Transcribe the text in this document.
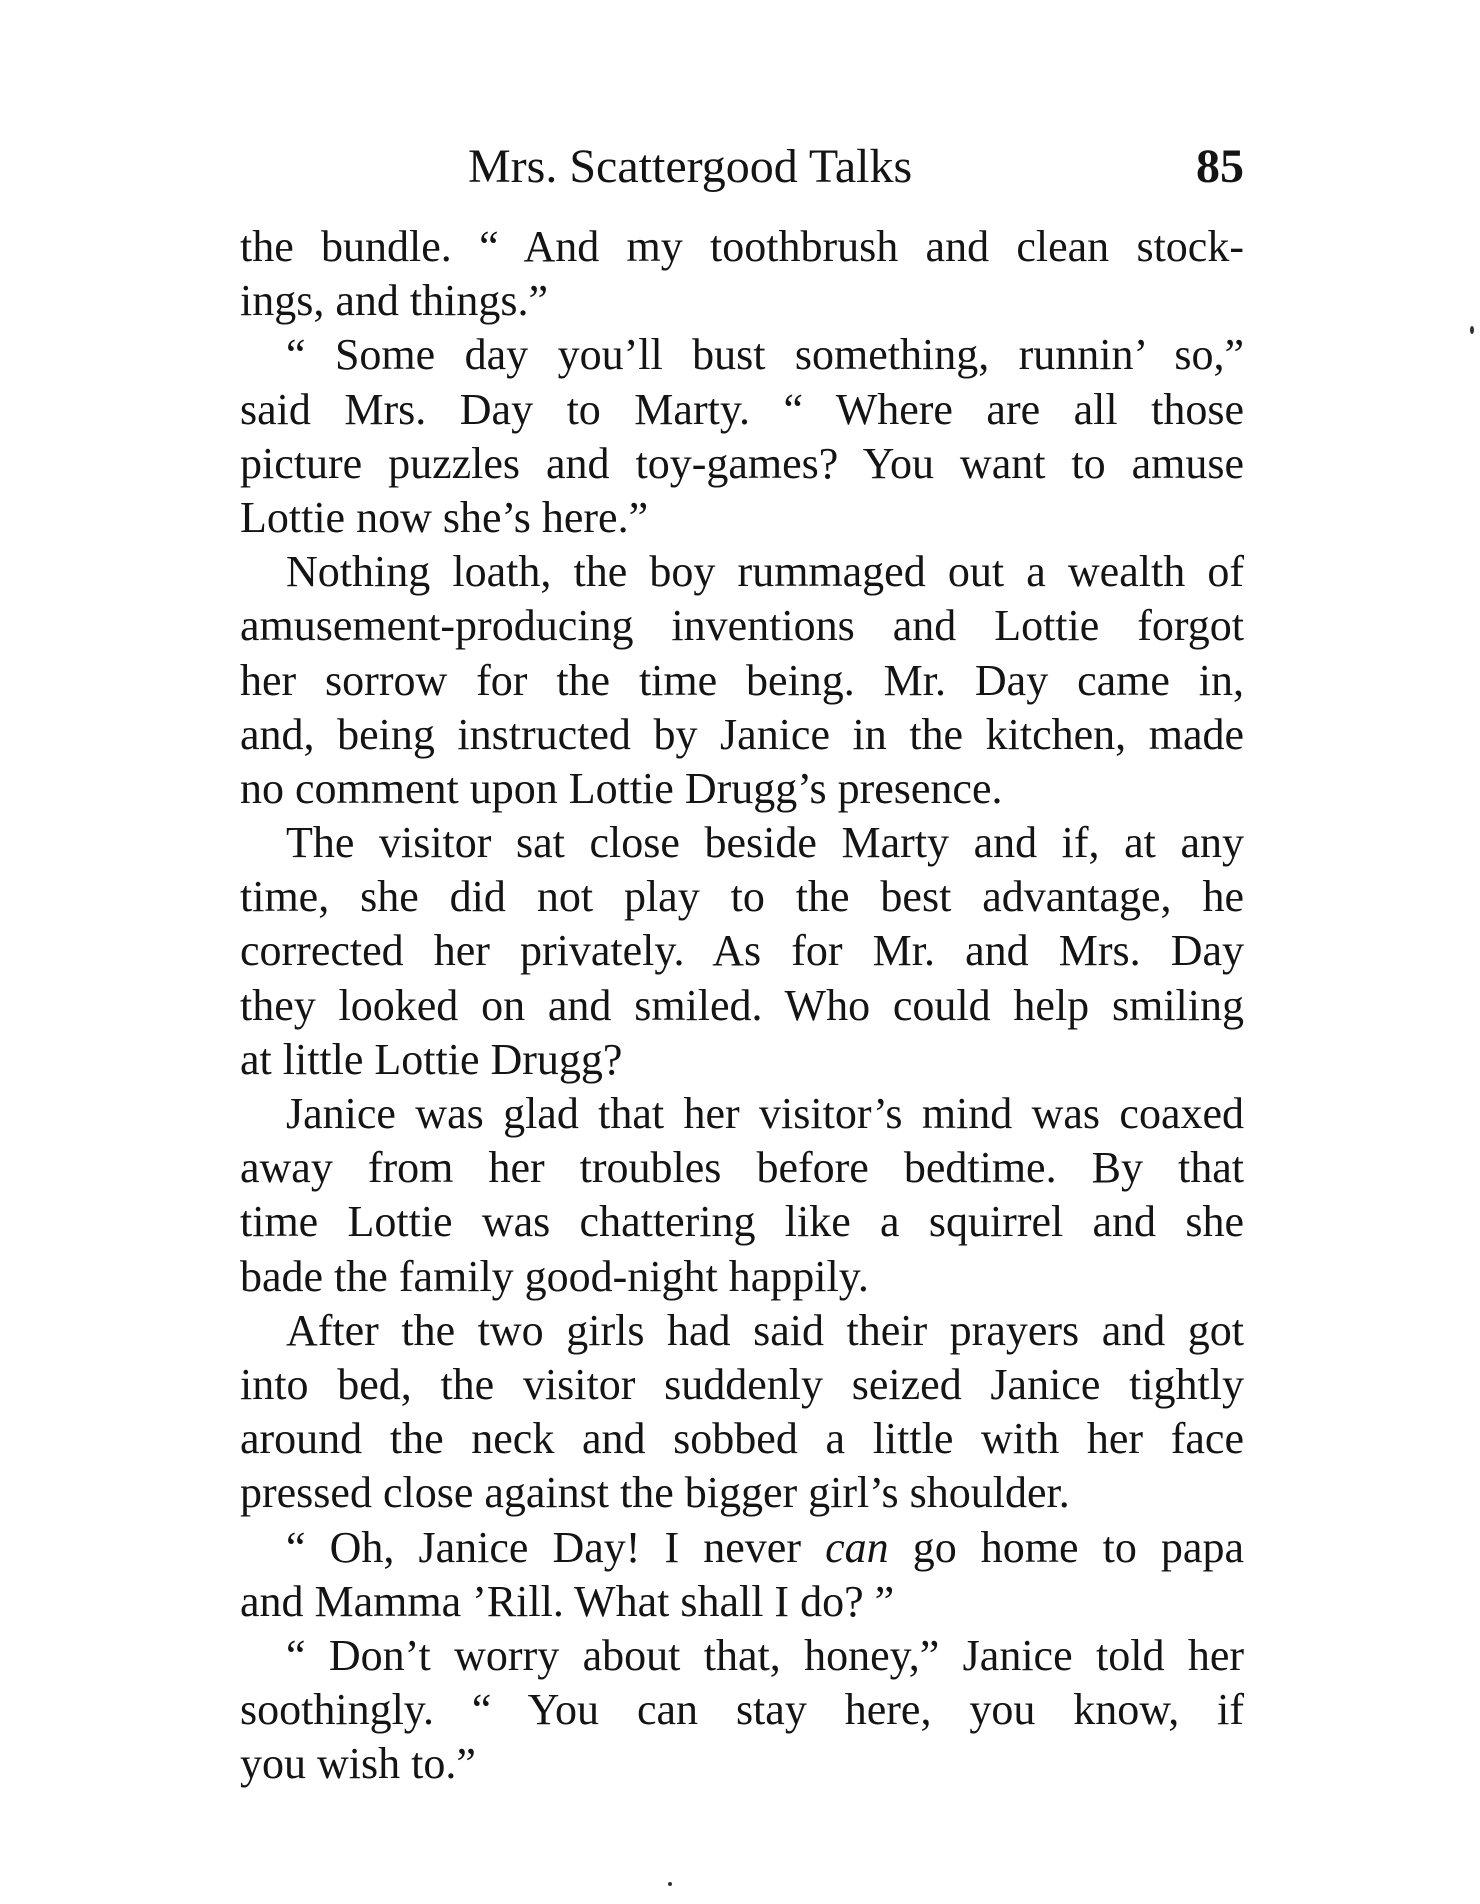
Mrs. Scattergood Talks	85
the bundle. “ And my toothbrush and clean stock-
ings, and things.”
“ Some day you’ll bust something, runnin’ so,”
said Mrs. Day to Marty. “ Where are all those
picture puzzles and toy-games? You want to amuse
Lottie now she’s here.”
Nothing loath, the boy rummaged out a wealth of
amusement-producing inventions and Lottie forgot
her sorrow for the time being. Mr. Day came in,
and, being instructed by Janice in the kitchen, made
no comment upon Lottie Drugg’s presence.
The visitor sat close beside Marty and if, at any
time, she did not play to the best advantage, he
corrected her privately. As for Mr. and Mrs. Day
they looked on and smiled. Who could help smiling
at little Lottie Drugg?
Janice was glad that her visitor’s mind was coaxed
away from her troubles before bedtime. By that
time Lottie was chattering like a squirrel and she
bade the family good-night happily.
After the two girls had said their prayers and got
into bed, the visitor suddenly seized Janice tightly
around the neck and sobbed a little with her face
pressed close against the bigger girl’s shoulder.
“ Oh, Janice Day! I never can go home to papa
and Mamma ’Rill. What shall I do? ”
“ Don’t worry about that, honey,” Janice told her
soothingly. “ You can stay here, you know, if
you wish to.”
